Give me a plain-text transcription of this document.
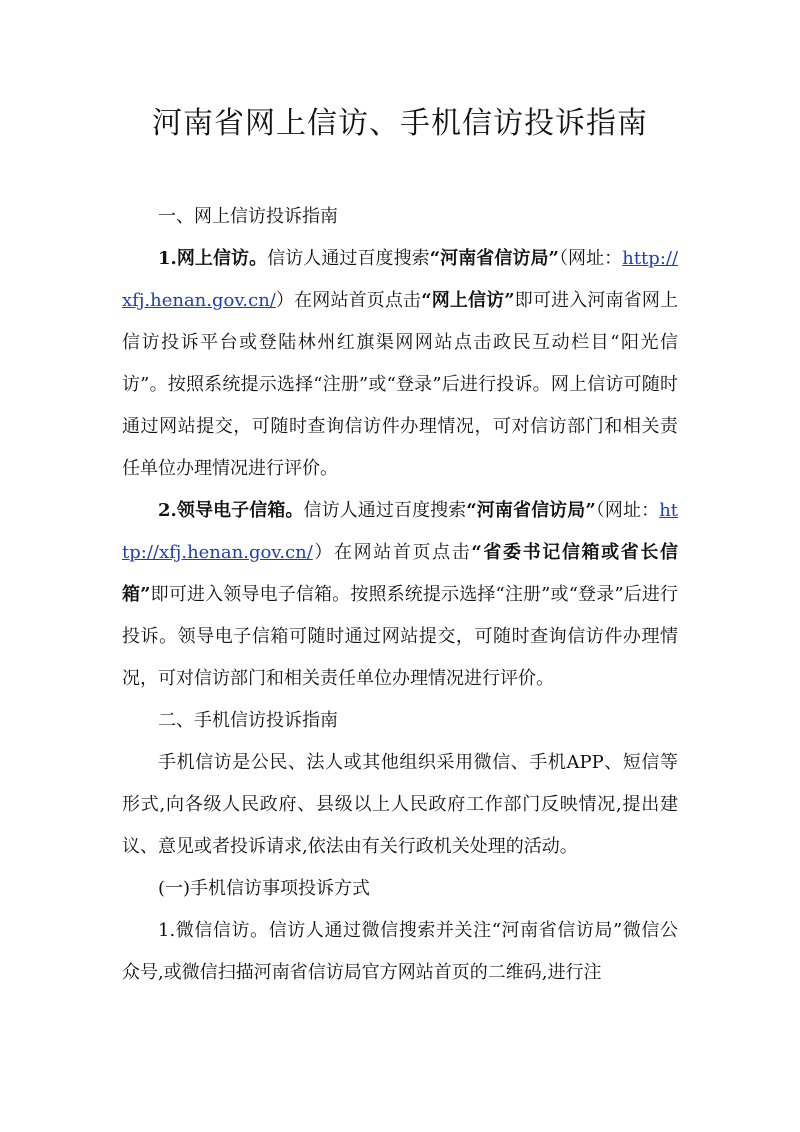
河南省网上信访、手机信访投诉指南

一、网上信访投诉指南

1.网上信访。信访人通过百度搜索“河南省信访局”（网址：http://xfj.henan.gov.cn/）在网站首页点击“网上信访”即可进入河南省网上信访投诉平台或登陆林州红旗渠网网站点击政民互动栏目“阳光信访”。按照系统提示选择“注册”或“登录”后进行投诉。网上信访可随时通过网站提交，可随时查询信访件办理情况，可对信访部门和相关责任单位办理情况进行评价。

2.领导电子信箱。信访人通过百度搜索“河南省信访局”（网址：http://xfj.henan.gov.cn/）在网站首页点击“省委书记信箱或省长信箱”即可进入领导电子信箱。按照系统提示选择“注册”或“登录”后进行投诉。领导电子信箱可随时通过网站提交，可随时查询信访件办理情况，可对信访部门和相关责任单位办理情况进行评价。

二、手机信访投诉指南

手机信访是公民、法人或其他组织采用微信、手机APP、短信等形式,向各级人民政府、县级以上人民政府工作部门反映情况,提出建议、意见或者投诉请求,依法由有关行政机关处理的活动。

(一)手机信访事项投诉方式

1.微信信访。信访人通过微信搜索并关注“河南省信访局”微信公众号,或微信扫描河南省信访局官方网站首页的二维码,进行注
